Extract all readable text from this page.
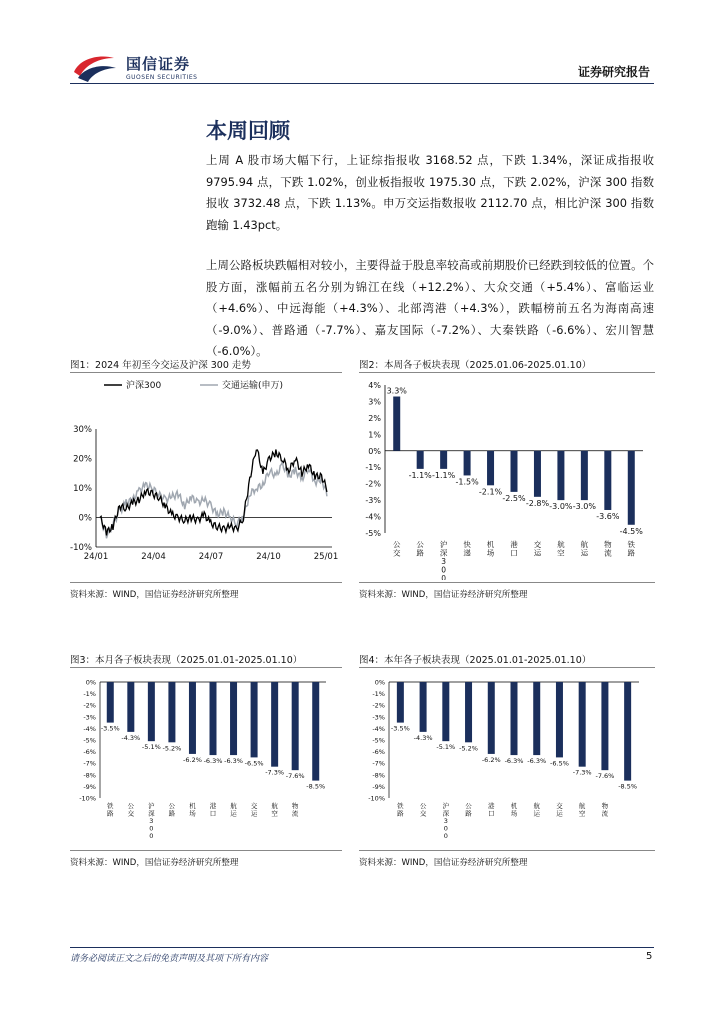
国信证券
GUOSEN SECURITIES	证券研究报告
本周回顾
上周 A 股市场大幅下行，上证综指报收 3168.52 点，下跌 1.34%，深证成指报收 9795.94 点，下跌 1.02%，创业板指报收 1975.30 点，下跌 2.02%，沪深 300 指数报收 3732.48 点，下跌 1.13%。申万交运指数报收 2112.70 点，相比沪深 300 指数跑输 1.43pct。
上周公路板块跌幅相对较小，主要得益于股息率较高或前期股价已经跌到较低的位置。个股方面，涨幅前五名分别为锦江在线（+12.2%）、大众交通（+5.4%）、富临运业（+4.6%）、中远海能（+4.3%）、北部湾港（+4.3%），跌幅榜前五名为海南高速（-9.0%）、普路通（-7.7%）、嘉友国际（-7.2%）、大秦铁路（-6.6%）、宏川智慧（-6.0%）。
图1：2024 年初至今交运及沪深 300 走势
沪深300	交通运输(申万)
30%
20%
10%
0%
-10%
24/01	24/04	24/07	24/10	25/01
资料来源：WIND，国信证券经济研究所整理
图2：本周各子板块表现（2025.01.06-2025.01.10）
4%
3%
2%
1%
0%
-1%
-2%
-3%
-4%
-5%
3.3%
公
交
-1.1%
公
路
-1.1%
沪
深
3
0
0
-1.5%
快
递
-2.1%
机
场
-2.5%
港
口
-2.8%
交
运
-3.0%
航
空
-3.0%
航
运
-3.6%
物
流
-4.5%
铁
路
资料来源：WIND，国信证券经济研究所整理
图3：本月各子板块表现（2025.01.01-2025.01.10）
0%
-1%
-2%
-3%
-4%
-5%
-6%
-7%
-8%
-9%
-10%
-3.5%
铁
路
-4.3%
公
交
-5.1%
沪
深
3
0
0
-5.2%
公
路
-6.2%
机
场
-6.3%
港
口
-6.3%
航
运
-6.5%
交
运
-7.3%
航
空
-7.6%
物
流
-8.5%
资料来源：WIND，国信证券经济研究所整理
图4：本年各子板块表现（2025.01.01-2025.01.10）
0%
-1%
-2%
-3%
-4%
-5%
-6%
-7%
-8%
-9%
-10%
-3.5%
铁
路
-4.3%
公
交
-5.1%
沪
深
3
0
0
-5.2%
公
路
-6.2%
港
口
-6.3%
机
场
-6.3%
航
运
-6.5%
交
运
-7.3%
航
空
-7.6%
物
流
-8.5%
资料来源：WIND，国信证券经济研究所整理
请务必阅读正文之后的免责声明及其项下所有内容	5
